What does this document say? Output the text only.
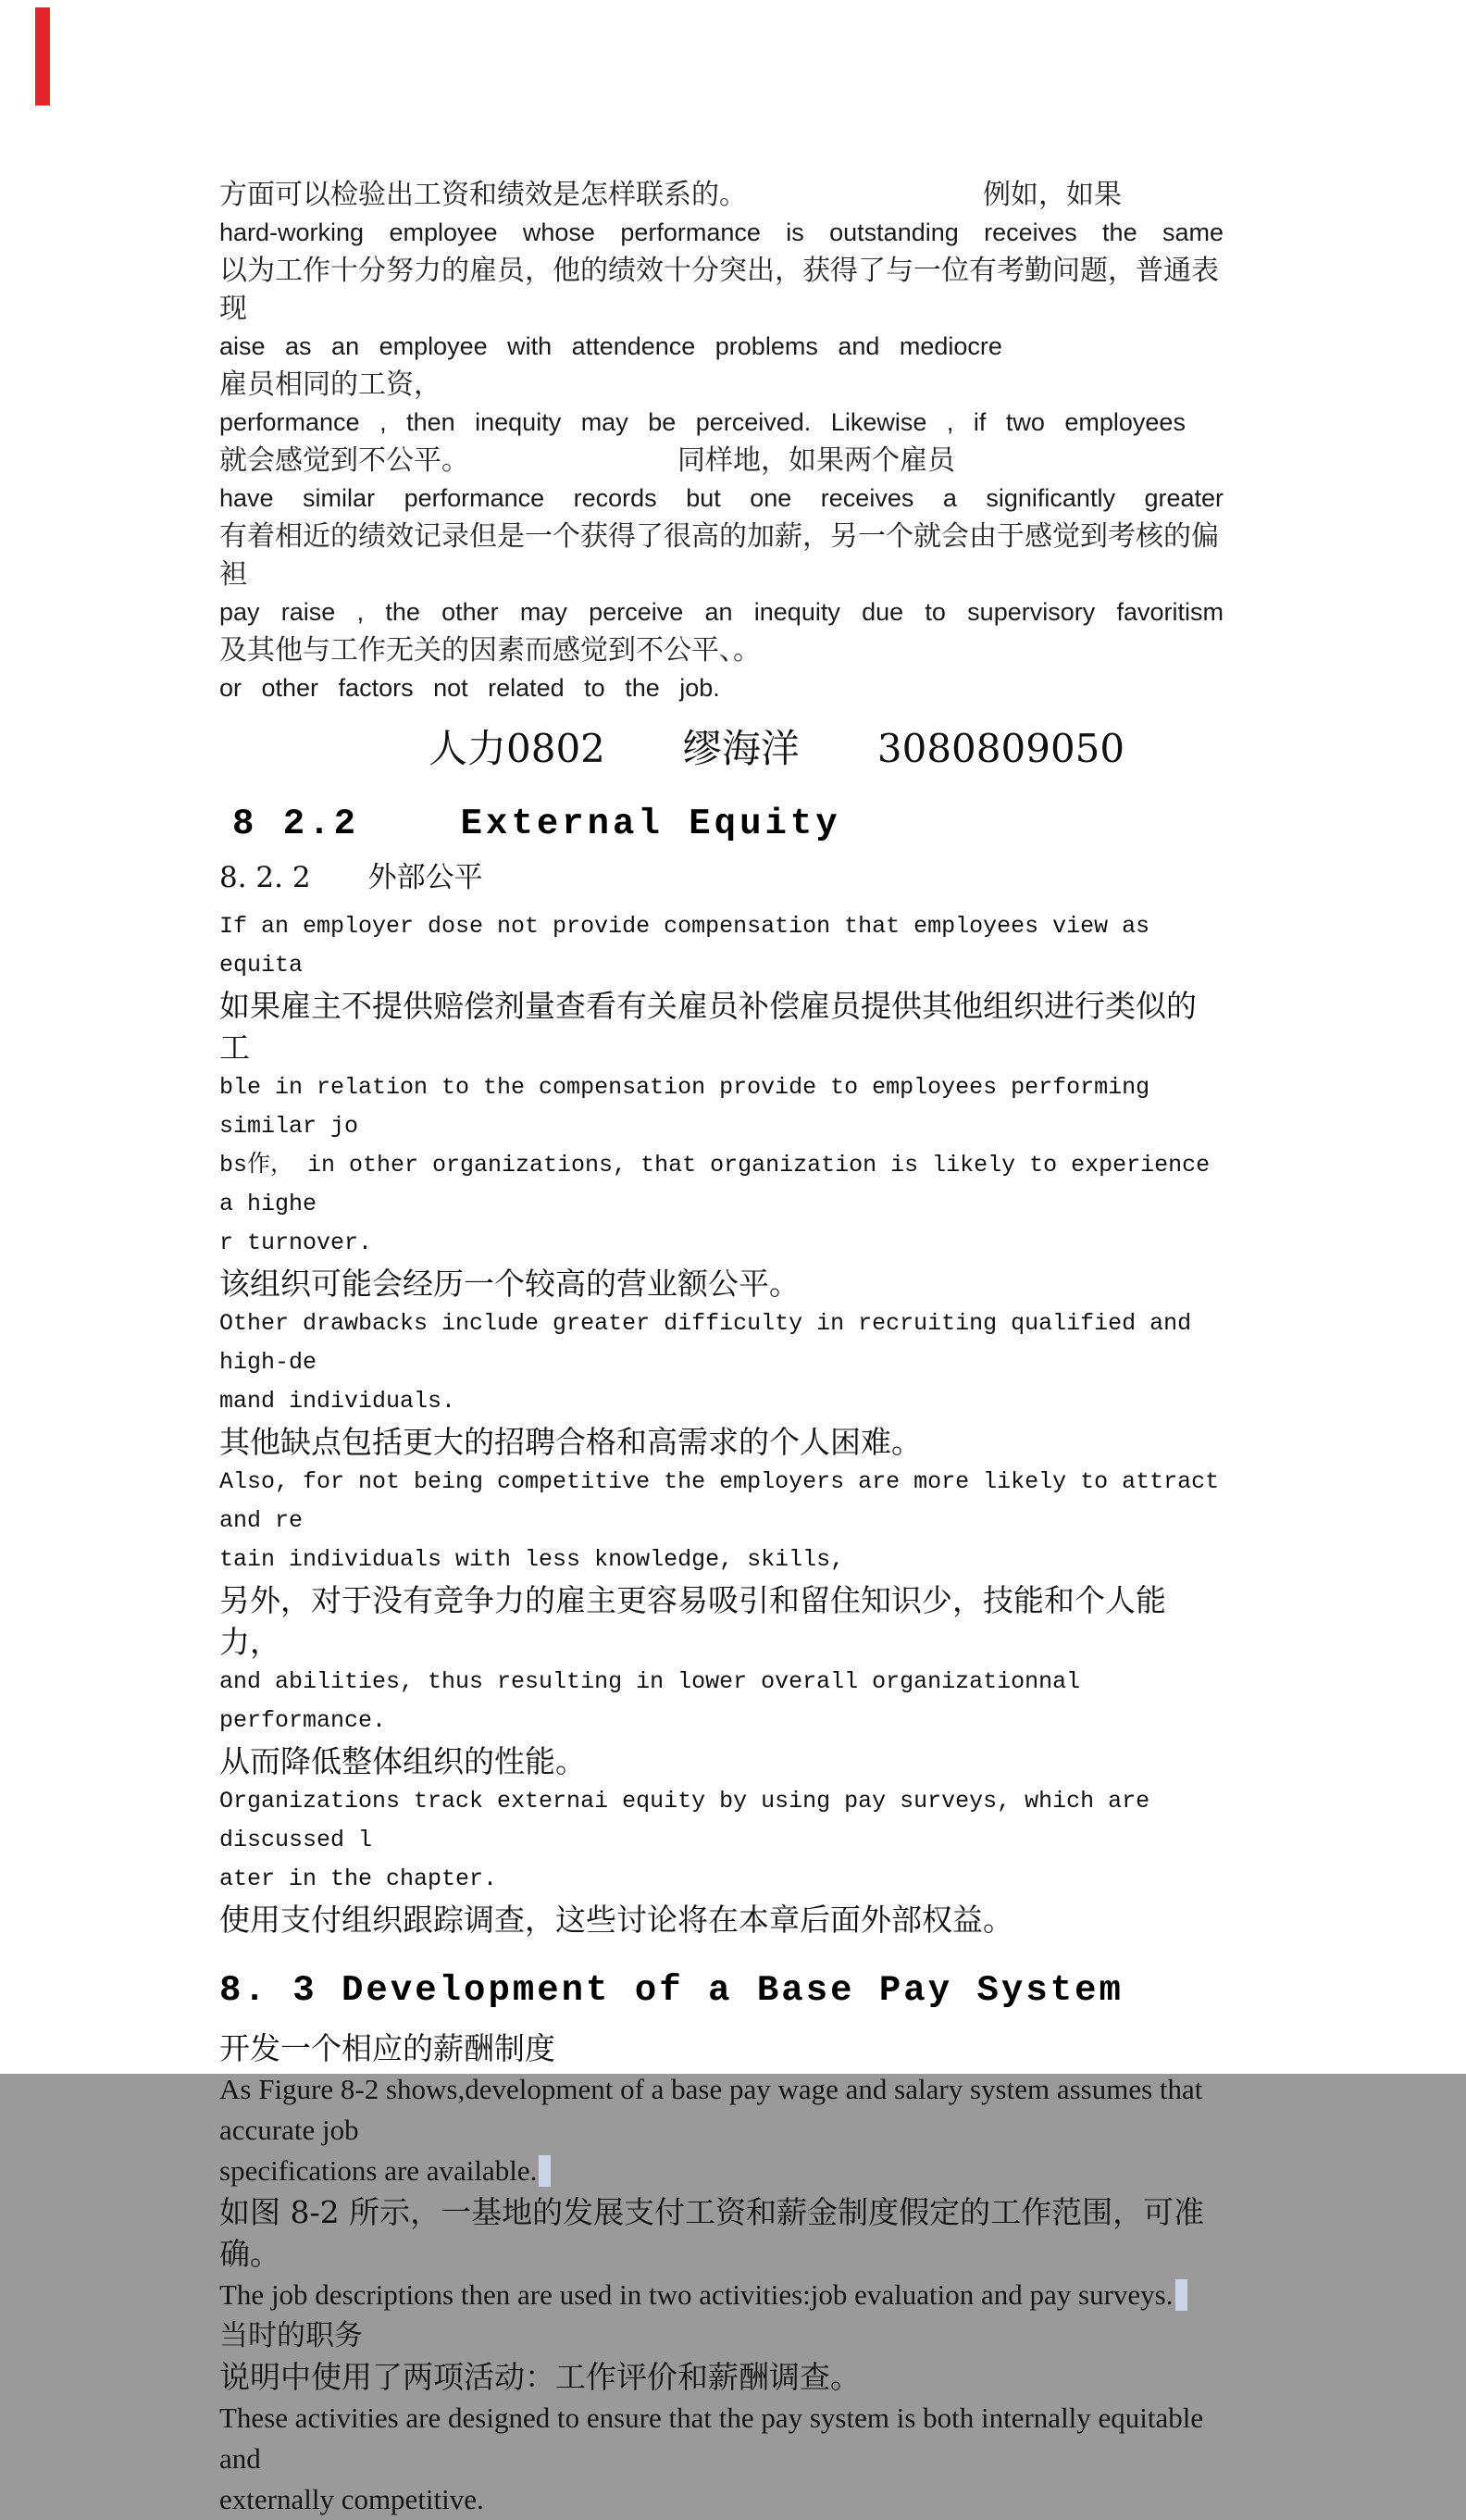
方面可以检验出工资和绩效是怎样联系的。　　　　　　　　　例如，如果
hard-working employee whose performance is outstanding receives the same
以为工作十分努力的雇员，他的绩效十分突出，获得了与一位有考勤问题，普通表现
aise as an employee with attendence problems and mediocre
雇员相同的工资，
performance , then inequity may be perceived. Likewise , if two employees
就会感觉到不公平。　　　　　　　　同样地，如果两个雇员
have similar performance records but one receives a significantly greater
有着相近的绩效记录但是一个获得了很高的加薪，另一个就会由于感觉到考核的偏袒
pay raise , the other may perceive an inequity due to supervisory favoritism
及其他与工作无关的因素而感觉到不公平、。
or other factors not related to the job.
人力0802　　缪海洋　　3080809050
8 2.2    External Equity
8. 2. 2　　外部公平
If an employer dose not provide compensation that employees view as equita
如果雇主不提供赔偿剂量查看有关雇员补偿雇员提供其他组织进行类似的工
ble in relation to the compensation provide to employees performing similar jo
bs作， in other organizations, that organization is likely to experience a highe
r turnover.
该组织可能会经历一个较高的营业额公平。
Other drawbacks include greater difficulty in recruiting qualified and high-de
mand individuals.
其他缺点包括更大的招聘合格和高需求的个人困难。
Also, for not being competitive the employers are more likely to attract and re
tain individuals with less knowledge, skills,
另外，对于没有竞争力的雇主更容易吸引和留住知识少，技能和个人能力，
and abilities, thus resulting in lower overall organizationnal performance.
从而降低整体组织的性能。
Organizations track externai equity by using pay surveys, which are discussed l
ater in the chapter.
使用支付组织跟踪调查，这些讨论将在本章后面外部权益。
8. 3 Development of a Base Pay System
开发一个相应的薪酬制度
As Figure 8-2 shows,development of a base pay wage and salary system assumes that accurate job
specifications are available.
如图 8-2 所示，一基地的发展支付工资和薪金制度假定的工作范围，可准确。
The job descriptions then are used in two activities:job evaluation and pay surveys. 当时的职务
说明中使用了两项活动：工作评价和薪酬调查。
These activities are designed to ensure that the pay system is both internally equitable and
externally competitive.
